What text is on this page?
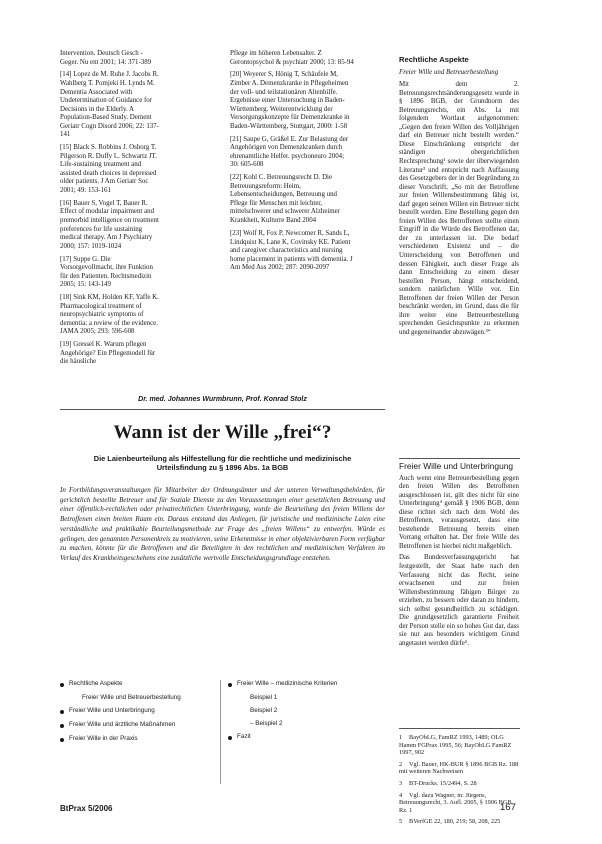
Intervention. Deutsch Gesch - Geger. Nu ent 2001; 14: 371-389

[14] Lopez de M. Ruhe J. Jacobs R. Wahlberg T. Pomjeki H. Lynds M. Dementia Associated with Undetermination of Guidance for Decisions in the Elderly. A Population-Based Study. Dement Geriatr Cogn Disord 2006; 22: 137-141

[15] Black S. Robbins J. Osborg T. Pilgerson R. Duffy L. Schwartz JT. Life-sustaining treatment and assisted death choices in depressed older patients. J Am Geriatr Soc 2001; 49: 153-161

[16] Bauer S, Vogel T, Bauer R. Effect of modular impairment and premorbid intelligence on treatment preferences for life sustaining medical therapy. Am J Psychiatry 2000; 157: 1019-1024

[17] Suppe G. Die Vorsorgevollmacht, ihre Funktion für den Patienten. Rechtsmedizin 2005; 15: 143-149

[18] Sink KM, Holden KF, Yaffe K. Pharmacological treatment of neuropsychiatric symptoms of dementia: a review of the evidence. JAMA 2005; 293: 596-608

[19] Gressel K. Warum pflegen Angehörige? Ein Pflegemodell für die häusliche

Pflege im höheren Lebensalter. Z Gerontopsychol & psychiatr 2000; 13: 85-94

[20] Weyerer S, Hönig T, Schäufele M, Zimber A. Demenzkranke in Pflegeheimen der voll- und teilstationären Altenhilfe. Ergebnisse einer Untersuchung in Baden-Württemberg. Weiterentwicklung der Versorgungskonzepte für Demenzkranke in Baden-Württemberg, Stuttgart, 2000: 1-58

[21] Saupe G, Gräßel E. Zur Belastung der Angehörigen von Demenzkranken durch ehrenamtliche Helfer. psychoneuro 2004; 30: 605-608

[22] Kohl C. Betreuungsrecht D. Die Betreuungsreform: Heim, Lebensentscheidungen, Betreuung und Pflege für Menschen mit leichter, mittelschwerer und schwerer Alzheimer Krankheit, Kulturre Band 2004

[23] Wolf R, Fox P, Newcomer R, Sands L, Lindquist K, Lane K, Covinsky KE. Patient and caregiver characteristics and nursing home placement in patients with dementia. J Am Med Ass 2002; 287: 2090-2097

Rechtliche Aspekte
Freier Wille und Betreuerbestellung

Mit dem 2. Betreuungsrechtsänderungsgesetz wurde in § 1896 BGB, der Grundnorm des Betreuungsrechts, ein Abs. 1a mit folgendem Wortlaut aufgenommen: „Gegen den freien Willen des Volljährigen darf ein Betreuer nicht bestellt werden.“ Diese Einschränkung entspricht der ständigen obergerichtlichen Rechtsprechung¹ sowie der überwiegenden Literatur² und entspricht nach Auffassung des Gesetzgebers der in der Begründung zu dieser Vorschrift, „So mit der Betroffene zur freien Willensbestimmung fähig ist, darf gegen seinen Willen ein Betreuer nicht bestellt werden. Eine Bestellung gegen den freien Willen des Betroffenen stellte einen Eingriff in die Würde des Betroffenen dar, der zu unterlassen ist. Die bedarf verschiedenen Existenz und – die Unterscheidung von Betroffenen und dessen Fähigkeit, auch dieser Frage als dann Entscheidung zu einem dieser bestellen Person, hängt entscheidend, sondern natürlichen Wille vor. Ein Betroffenen der freien Willen der Person beschränkt werden, im Grund, dass die für ihre weiter eine Betreuerbestellung sprechenden Gesichtspunkte zu erkennen und gegeneinander abzuwägen.³“

Freier Wille und Unterbringung

Auch wenn eine Betreuerbestellung gegen den freien Willen des Betroffenen ausgeschlossen ist, gilt dies nicht für eine Unterbringung⁴ gemäß § 1906 BGB, denn diese richtet sich nach dem Wohl des Betroffenen, vorausgesetzt, dass eine bestehende Betreuung bereits einen Vorrang erhalten hat. Der freie Wille des Betroffenen ist hierbei nicht maßgeblich.

Das Bundesverfassungsgericht hat festgestellt, der Staat habe nach den Verfassung nicht das Recht, seine erwachsenen und zur freien Willensbestimmung fähigen Bürger zu erziehen, zu bessern oder daran zu hindern, sich selbst gesundheitlich zu schädigen. Die grundgesetzlich garantierte Freiheit der Person stelle ein so hohes Gut dar, dass sie nur aus besonders wichtigem Grund angetastet werden dürfe⁵.

1 BayObLG, FamRZ 1993, 1489; OLG Hamm FGPrax 1995, 56; BayObLG FamRZ 1997, 902

2 Vgl. Bauer, HK-BUR § 1896 BGB Rz. 188 mit weiteren Nachweisen

3 BT-Drucks. 15/2494, S. 28

4 Vgl. dazu Wagner, in: Jürgens, Betreuungsrecht, 3. Aufl. 2005, § 1906 BGB Rz. 1

5 BVerfGE 22, 180, 219; 58, 208, 225

Dr. med. Johannes Wurmbrunn, Prof. Konrad Stolz
Wann ist der Wille „frei“?
Die Laienbeurteilung als Hilfestellung für die rechtliche und medizinische Urteilsfindung zu § 1896 Abs. 1a BGB

In Fortbildungsveranstaltungen für Mitarbeiter der Ordnungsämter und der unteren Verwaltungsbehörden, für gerichtlich bestellte Betreuer und für Soziale Dienste zu den Voraussetzungen einer gesetzlichen Betreuung und einer öffentlich-rechtlichen oder privatrechtlichen Unterbringung, wurde die Beurteilung des freien Willens der Betroffenen einen breiten Raum ein. Daraus entstand das Anliegen, für juristische und medizinische Laien eine verständliche und praktikable Beurteilungsmethode zur Frage des „freien Willens“ zu entwerfen. Würde es gelingen, den genannten Personenkreis zu motivieren, seine Erkenntnisse in einer objektivierbaren Form verfügbar zu machen, könnte für die Betroffenen und die Beteiligten in den rechtlichen und medizinischen Verfahren im Verlauf des Krankheitsgeschehens eine zusätzliche wertvolle Entscheidungsgrundlage entstehen.

Rechtliche Aspekte
Freier Wille und Betreuerbestellung
Freier Wille und Unterbringung
Freier Wille und ärztliche Maßnahmen
Freier Wille in der Praxis
Freier Wille – medizinische Kriterien
Beispiel 1
Beispiel 2
– Beispiel 2
Fazit
BtPrax 5/2006	167
